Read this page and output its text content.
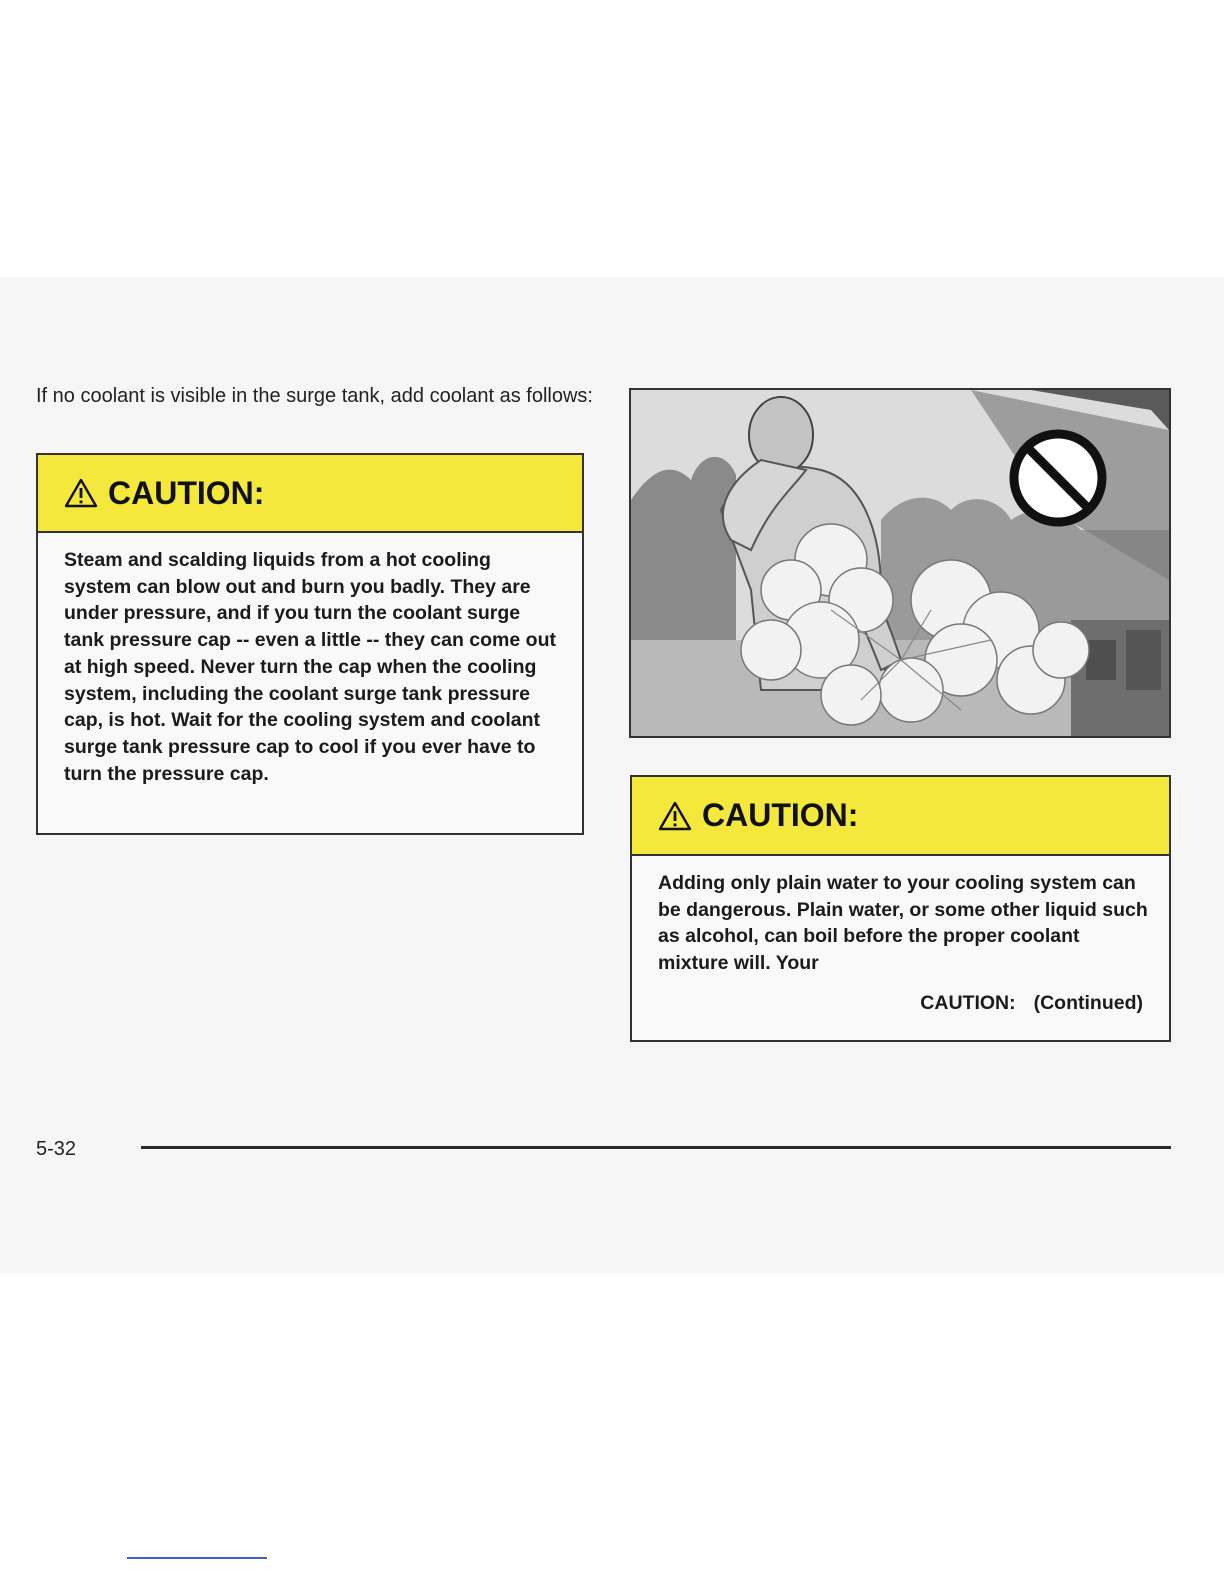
If no coolant is visible in the surge tank, add coolant as follows:

CAUTION:

Steam and scalding liquids from a hot cooling system can blow out and burn you badly. They are under pressure, and if you turn the coolant surge tank pressure cap -- even a little -- they can come out at high speed. Never turn the cap when the cooling system, including the coolant surge tank pressure cap, is hot. Wait for the cooling system and coolant surge tank pressure cap to cool if you ever have to turn the pressure cap.

CAUTION:

Adding only plain water to your cooling system can be dangerous. Plain water, or some other liquid such as alcohol, can boil before the proper coolant mixture will. Your

CAUTION: (Continued)
5-32
